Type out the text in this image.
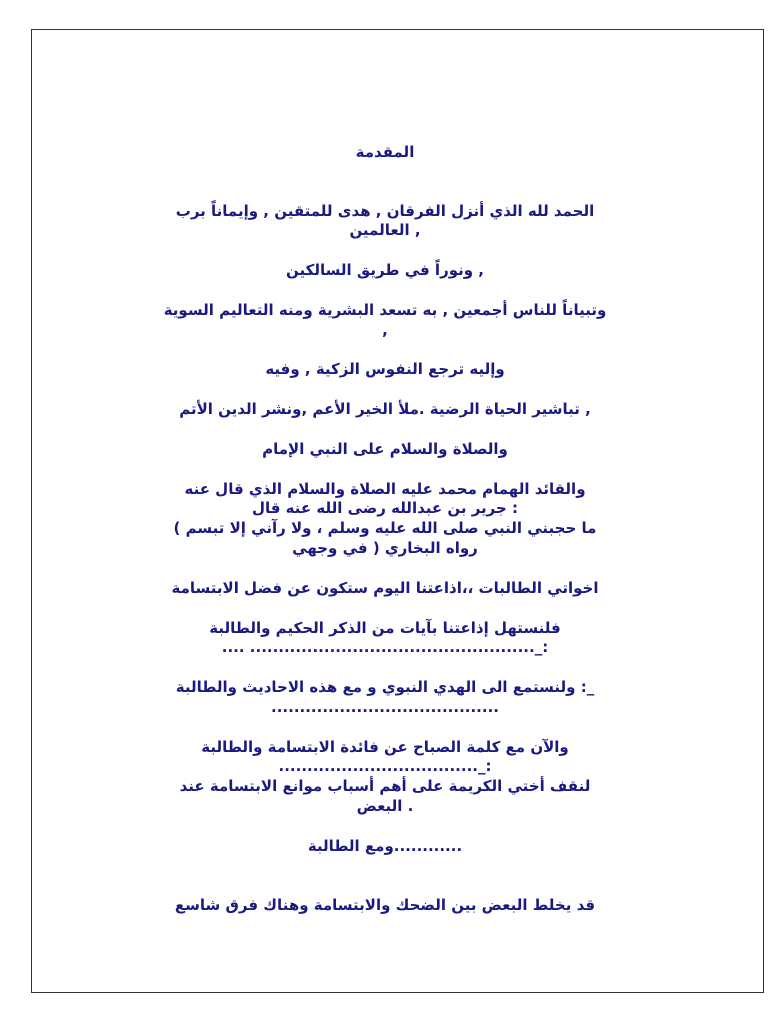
المقدمة
الحمد لله الذي أنزل الفرقان , هدى للمتقين , وإيماناً برب
, العالمين
, ونوراً في طريق السالكين
وتبياناً للناس أجمعين , به تسعد البشرية ومنه التعاليم السوية
,
وإليه ترجع النفوس الزكية , وفيه
, تباشير الحياة الرضية .ملأ الخير الأعم ,ونشر الدين الأتم
والصلاة والسلام على النبي الإمام
والقائد الهمام محمد عليه الصلاة والسلام الذي قال عنه
: جرير بن عبدالله رضى الله عنه قال
ما حجبني النبي صلى الله عليه وسلم ، ولا رآني إلا تبسم )
رواه البخاري ( في وجهي
اخواتي الطالبات ،،اذاعتنا اليوم ستكون عن فضل الابتسامة
فلنستهل إذاعتنا بآيات من الذكر الحكيم والطالبة
.... .................................................._:
_: ولنستمع الى الهدي النبوي و مع هذه الاحاديث والطالبة
........................................
والآن مع كلمة الصباح عن فائدة الابتسامة والطالبة
..................................._:
لنقف أختي الكريمة على أهم أسباب موانع الابتسامة عند
. البعض
............ومع الطالبة
قد يخلط البعض بين الضحك والابتسامة وهناك فرق شاسع
